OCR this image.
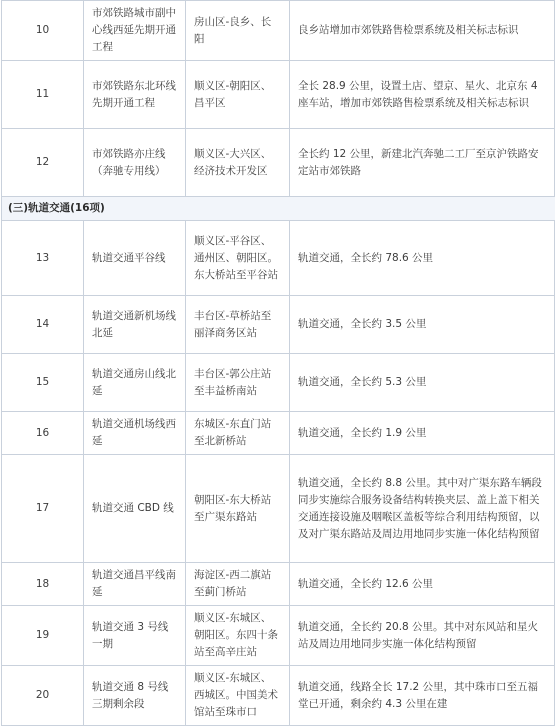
10	市郊铁路城市副中心线西延先期开通工程	房山区-良乡、长阳	良乡站增加市郊铁路售检票系统及相关标志标识
11	市郊铁路东北环线先期开通工程	顺义区-朝阳区、昌平区	全长 28.9 公里，设置土店、望京、星火、北京东 4 座车站，增加市郊铁路售检票系统及相关标志标识
12	市郊铁路亦庄线（奔驰专用线）	顺义区-大兴区、经济技术开发区	全长约 12 公里，新建北汽奔驰二工厂至京沪铁路安定站市郊铁路
(三)轨道交通(16项)			
13	轨道交通平谷线	顺义区-平谷区、通州区、朝阳区。东大桥站至平谷站	轨道交通，全长约 78.6 公里
14	轨道交通新机场线北延	丰台区-草桥站至丽泽商务区站	轨道交通，全长约 3.5 公里
15	轨道交通房山线北延	丰台区-郭公庄站至丰益桥南站	轨道交通，全长约 5.3 公里
16	轨道交通机场线西延	东城区-东直门站至北新桥站	轨道交通，全长约 1.9 公里
17	轨道交通 CBD 线	朝阳区-东大桥站至广渠东路站	轨道交通，全长约 8.8 公里。其中对广渠东路车辆段同步实施综合服务设备结构转换夹层、盖上盖下相关交通连接设施及咽喉区盖板等综合利用结构预留，以及对广渠东路站及周边用地同步实施一体化结构预留
18	轨道交通昌平线南延	海淀区-西二旗站至蓟门桥站	轨道交通，全长约 12.6 公里
19	轨道交通 3 号线一期	顺义区-东城区、朝阳区。东四十条站至高辛庄站	轨道交通，全长约 20.8 公里。其中对东风站和星火站及周边用地同步实施一体化结构预留
20	轨道交通 8 号线三期剩余段	顺义区-东城区、西城区。中国美术馆站至珠市口	轨道交通，线路全长 17.2 公里，其中珠市口至五福堂已开通，剩余约 4.3 公里在建
